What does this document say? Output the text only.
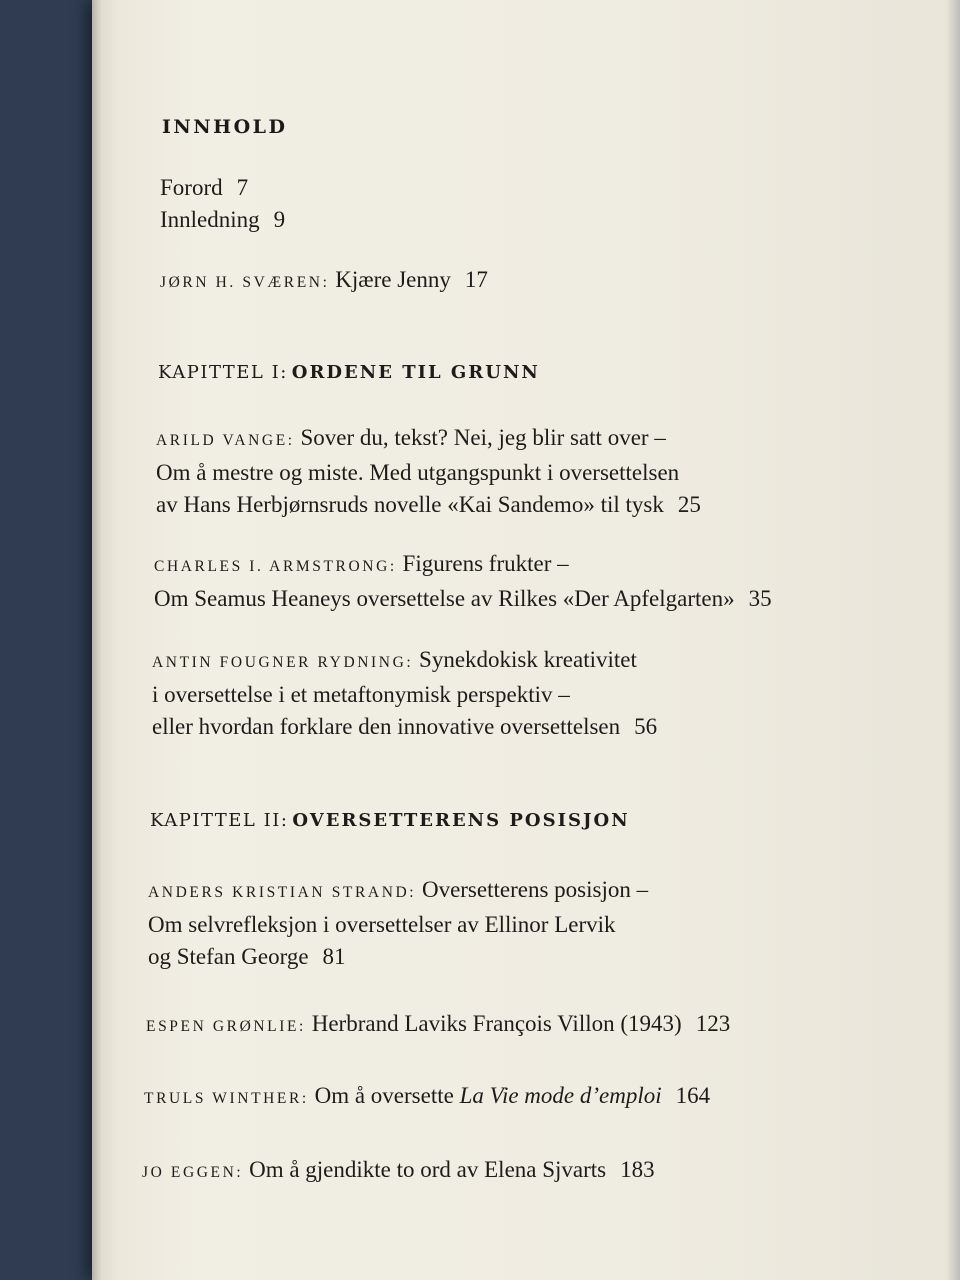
INNHOLD
Forord 7
Innledning 9
JØRN H. SVÆREN: Kjære Jenny 17
KAPITTEL I: ORDENE TIL GRUNN
ARILD VANGE: Sover du, tekst? Nei, jeg blir satt over –
Om å mestre og miste. Med utgangspunkt i oversettelsen
av Hans Herbjørnsruds novelle «Kai Sandemo» til tysk 25
CHARLES I. ARMSTRONG: Figurens frukter –
Om Seamus Heaneys oversettelse av Rilkes «Der Apfelgarten» 35
ANTIN FOUGNER RYDNING: Synekdokisk kreativitet
i oversettelse i et metaftonymisk perspektiv –
eller hvordan forklare den innovative oversettelsen 56
KAPITTEL II: OVERSETTERENS POSISJON
ANDERS KRISTIAN STRAND: Oversetterens posisjon –
Om selvrefleksjon i oversettelser av Ellinor Lervik
og Stefan George 81
ESPEN GRØNLIE: Herbrand Laviks François Villon (1943) 123
TRULS WINTHER: Om å oversette La Vie mode d’emploi 164
JO EGGEN: Om å gjendikte to ord av Elena Sjvarts 183
